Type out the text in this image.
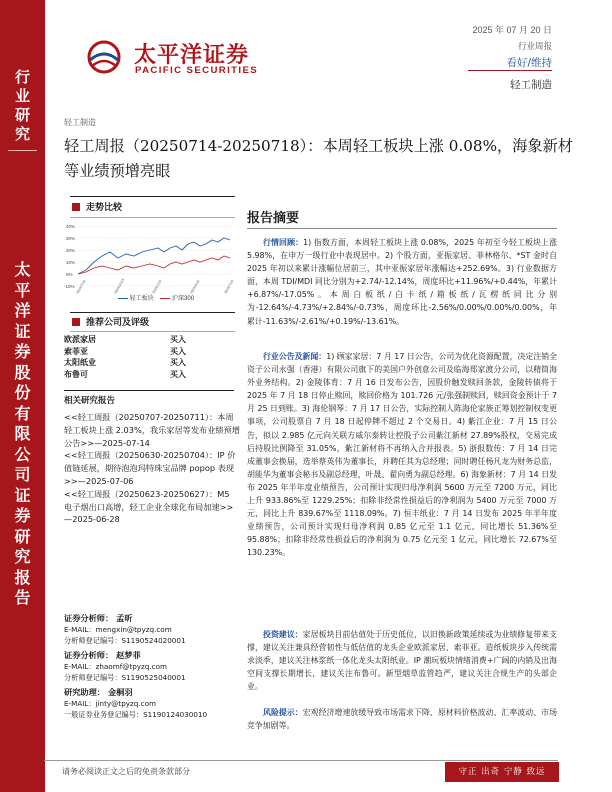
行业研究
太平洋证券股份有限公司证券研究报告
太平洋证券
PACIFIC SECURITIES
2025 年 07 月 20 日
行业周报
看好/维持
轻工制造
轻工制造
轻工周报（20250714-20250718）：本周轻工板块上涨 0.08%，海象新材等业绩预增亮眼
走势比较
40%
30%
20%
10%
0%
-10% 2024/7/18	2024/10/18	2025/1/18	2025/4/18	2025/7/18
轻工板块	沪深300
推荐公司及评级
欧派家居	买入
索菲亚	买入
太阳纸业	买入
布鲁可	买入
相关研究报告
<<轻工周报（20250707-20250711）：本周轻工板块上涨 2.03%，我乐家居等发布业绩预增公告>>—2025-07-14
<<轻工周报（20250630-20250704）：IP 价值链延展，期待泡泡玛特珠宝品牌 popop 表现>>—2025-07-06
<<轻工周报（20250623-20250627）：M5 电子烟出口高增，轻工企业全球化布局加速>>—2025-06-28
证券分析师： 孟昕
E-MAIL：mengxin@tpyzq.com
分析师登记编号：S1190524020001
证券分析师： 赵梦菲
E-MAIL：zhaomf@tpyzq.com
分析师登记编号：S1190525040001
研究助理： 金桐羽
E-MAIL：jinty@tpyzq.com
一般证券业务登记编号：S1190124030010
报告摘要
行情回顾：1) 指数方面，本周轻工板块上涨 0.08%，2025 年初至今轻工板块上涨 5.98%，在申万一级行业中表现居中。2) 个股方面，亚振家居、菲林格尔、*ST 金时自 2025 年初以来累计涨幅位居前三，其中亚振家居年涨幅达+252.69%。3) 行业数据方面，本周 TDI/MDI 同比分别为+2.74/-12.14%，周度环比+11.96%/+0.44%，年累计+6.87%/-17.05%。本周白板纸/白卡纸/箱板纸/瓦楞纸同比分别为-12.64%/-4.73%/+2.84%/-0.73%，周度环比-2.56%/0.00%/0.00%/0.00%，年累计-11.63%/-2.61%/+0.19%/-13.61%。
行业公告及新闻：1) 顾家家居：7 月 17 日公告，公司为优化资源配置，决定注销全资子公司永强（香港）有限公司旗下的美国户外创意公司及临海郑家渡分公司，以精简海外业务结构。2) 金陵体育：7 月 16 日发布公告，因股价触发赎回条款，金陵转债将于 2025 年 7 月 18 日停止赎回，赎回价格为 101.726 元/张强制赎回，赎回资金预计于 7 月 25 日到账。3) 海伦钢琴：7 月 17 日公告，实际控制人陈海伦家族正筹划控制权变更事项，公司股票自 7 月 18 日起停牌不超过 2 个交易日。4) 紫江企业：7 月 15 日公告，拟以 2.985 亿元向关联方威尔泰转让控股子公司紫江新材 27.89%股权，交易完成后持股比例降至 31.05%，紫江新材将不再纳入合并报表。5) 浙报数传：7 月 14 日完成董事会换届，选举蔡英伟为董事长，并聘任其为总经理；同时聘任杨凡龙为财务总监，胡能华为董事会秘书及副总经理，叶晟、翟向勇为副总经理。6) 海象新材：7 月 14 日发布 2025 年半年度业绩预告，公司预计实现归母净利润 5600 万元至 7200 万元，同比上升 933.86%至 1229.25%；扣除非经常性损益后的净利润为 5400 万元至 7000 万元，同比上升 839.67%至 1118.09%。7) 恒丰纸业：7 月 14 日发布 2025 年半年度业绩预告，公司预计实现归母净利润 0.85 亿元至 1.1 亿元，同比增长 51.36%至 95.88%；扣除非经常性损益后的净利润为 0.75 亿元至 1 亿元，同比增长 72.67%至 130.23%。
投资建议：家居板块目前估值处于历史低位，以旧换新政策延续或为业绩修复带来支撑，建议关注兼具经营韧性与低估值的龙头企业欧派家居、索菲亚。造纸板块步入传统需求淡季，建议关注林浆纸一体化龙头太阳纸业。IP 潮玩板块情绪消费+广阔的内销及出海空间支撑长期增长，建议关注布鲁可。新型烟草监管趋严，建议关注合规生产的头部企业。
风险提示：宏观经济增速放缓导致市场需求下降、原材料价格波动、汇率波动、市场竞争加剧等。
请务必阅读正文之后的免责条款部分	守正 出奇 宁静 致远
